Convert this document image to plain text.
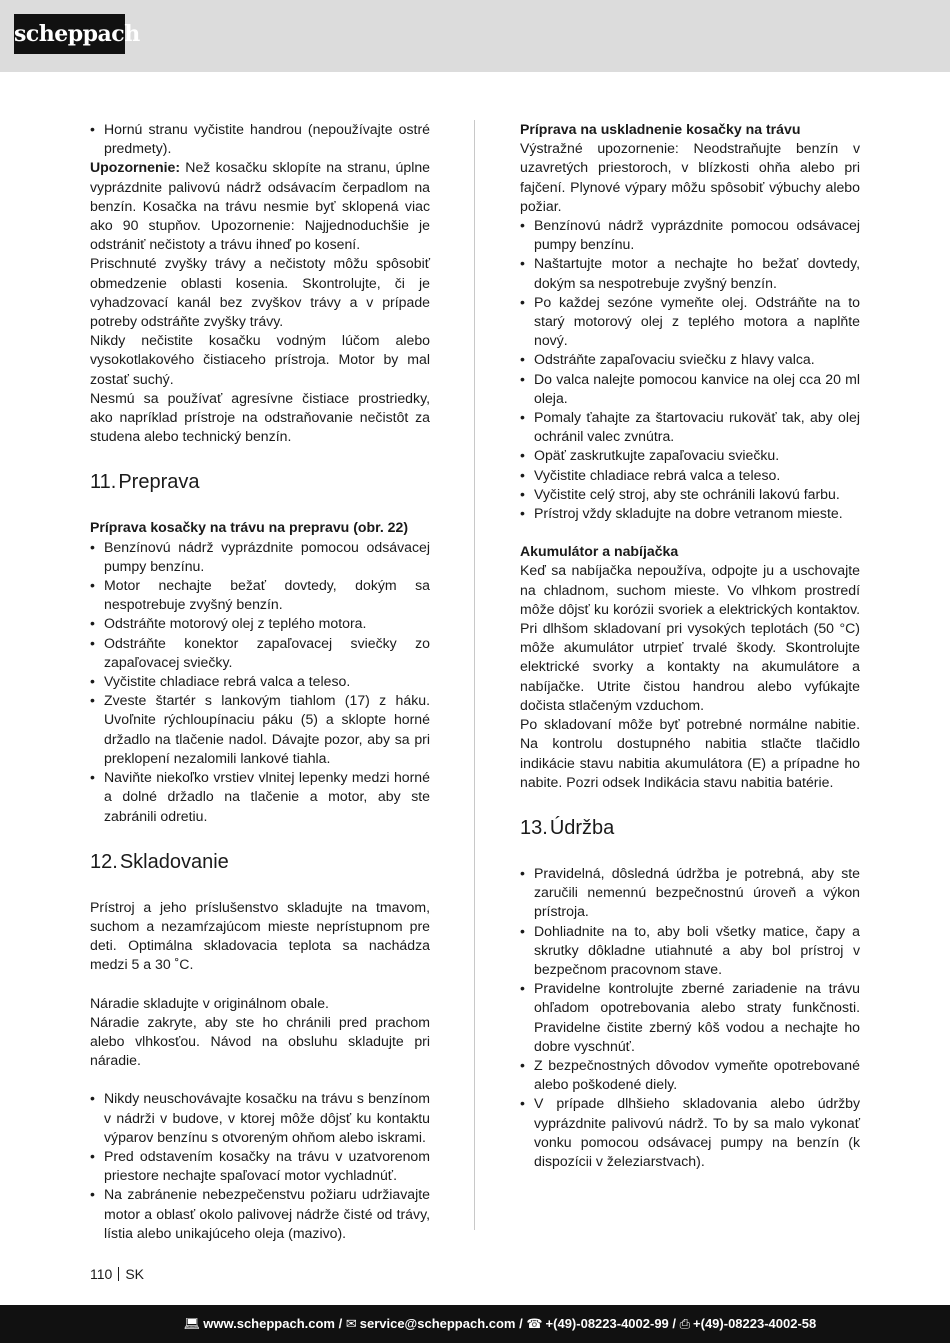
scheppach
• Hornú stranu vyčistite handrou (nepoužívajte ostré predmety).

Upozornenie: Než kosačku sklopíte na stranu, úplne vyprázdnite palivovú nádrž odsávacím čerpadlom na benzín. Kosačka na trávu nesmie byť sklopená viac ako 90 stupňov. Upozornenie: Najjednoduchšie je odstrániť nečistoty a trávu ihneď po kosení.

Prischnuté zvyšky trávy a nečistoty môžu spôsobiť obmedzenie oblasti kosenia. Skontrolujte, či je vyhadzovací kanál bez zvyškov trávy a v prípade potreby odstráňte zvyšky trávy.

Nikdy nečistite kosačku vodným lúčom alebo vysokotlakového čistiaceho prístroja. Motor by mal zostať suchý.

Nesmú sa používať agresívne čistiace prostriedky, ako napríklad prístroje na odstraňovanie nečistôt za studena alebo technický benzín.

11. Preprava

Príprava kosačky na trávu na prepravu (obr. 22)

• Benzínovú nádrž vyprázdnite pomocou odsávacej pumpy benzínu.
• Motor nechajte bežať dovtedy, dokým sa nespotrebuje zvyšný benzín.
• Odstráňte motorový olej z teplého motora.
• Odstráňte konektor zapaľovacej sviečky zo zapaľovacej sviečky.
• Vyčistite chladiace rebrá valca a teleso.
• Zveste štartér s lankovým tiahlom (17) z háku. Uvoľnite rýchloupínaciu páku (5) a sklopte horné držadlo na tlačenie nadol. Dávajte pozor, aby sa pri preklopení nezalomili lankové tiahla.
• Naviňte niekoľko vrstiev vlnitej lepenky medzi horné a dolné držadlo na tlačenie a motor, aby ste zabránili odretiu.
12. Skladovanie

Prístroj a jeho príslušenstvo skladujte na tmavom, suchom a nezamŕzajúcom mieste neprístupnom pre deti. Optimálna skladovacia teplota sa nachádza medzi 5 a 30 ˚C.

Náradie skladujte v originálnom obale.

Náradie zakryte, aby ste ho chránili pred prachom alebo vlhkosťou. Návod na obsluhu skladujte pri náradie.

• Nikdy neuschovávajte kosačku na trávu s benzínom v nádrži v budove, v ktorej môže dôjsť ku kontaktu výparov benzínu s otvoreným ohňom alebo iskrami.
• Pred odstavením kosačky na trávu v uzatvorenom priestore nechajte spaľovací motor vychladnúť.
• Na zabránenie nebezpečenstvu požiaru udržiavajte motor a oblasť okolo palivovej nádrže čisté od trávy, lístia alebo unikajúceho oleja (mazivo).

Príprava na uskladnenie kosačky na trávu

Výstražné upozornenie: Neodstraňujte benzín v uzavretých priestoroch, v blízkosti ohňa alebo pri fajčení. Plynové výpary môžu spôsobiť výbuchy alebo požiar.

• Benzínovú nádrž vyprázdnite pomocou odsávacej pumpy benzínu.
• Naštartujte motor a nechajte ho bežať dovtedy, dokým sa nespotrebuje zvyšný benzín.
• Po každej sezóne vymeňte olej. Odstráňte na to starý motorový olej z teplého motora a naplňte nový.
• Odstráňte zapaľovaciu sviečku z hlavy valca.
• Do valca nalejte pomocou kanvice na olej cca 20 ml oleja.
• Pomaly ťahajte za štartovaciu rukoväť tak, aby olej ochránil valec zvnútra.
• Opäť zaskrutkujte zapaľovaciu sviečku.
• Vyčistite chladiace rebrá valca a teleso.
• Vyčistite celý stroj, aby ste ochránili lakovú farbu.
• Prístroj vždy skladujte na dobre vetranom mieste.

Akumulátor a nabíjačka

Keď sa nabíjačka nepoužíva, odpojte ju a uschovajte na chladnom, suchom mieste. Vo vlhkom prostredí môže dôjsť ku korózii svoriek a elektrických kontaktov. Pri dlhšom skladovaní pri vysokých teplotách (50 °C) môže akumulátor utrpieť trvalé škody. Skontrolujte elektrické svorky a kontakty na akumulátore a nabíjačke. Utrite čistou handrou alebo vyfúkajte dočista stlačeným vzduchom.

Po skladovaní môže byť potrebné normálne nabitie. Na kontrolu dostupného nabitia stlačte tlačidlo indikácie stavu nabitia akumulátora (E) a prípadne ho nabite. Pozri odsek Indikácia stavu nabitia batérie.

13. Údržba
• Pravidelná, dôsledná údržba je potrebná, aby ste zaručili nemennú bezpečnostnú úroveň a výkon prístroja.
• Dohliadnite na to, aby boli všetky matice, čapy a skrutky dôkladne utiahnuté a aby bol prístroj v bezpečnom pracovnom stave.
• Pravidelne kontrolujte zberné zariadenie na trávu ohľadom opotrebovania alebo straty funkčnosti. Pravidelne čistite zberný kôš vodou a nechajte ho dobre vyschnúť.
• Z bezpečnostných dôvodov vymeňte opotrebované alebo poškodené diely.
• V prípade dlhšieho skladovania alebo údržby vyprázdnite palivovú nádrž. To by sa malo vykonať vonku pomocou odsávacej pumpy na benzín (k dispozícii v železiarstvach).
110 SK
💻︎ www.scheppach.com / ✉︎ service@scheppach.com / ☎︎ +(49)-08223-4002-99 / ⎙ +(49)-08223-4002-58
